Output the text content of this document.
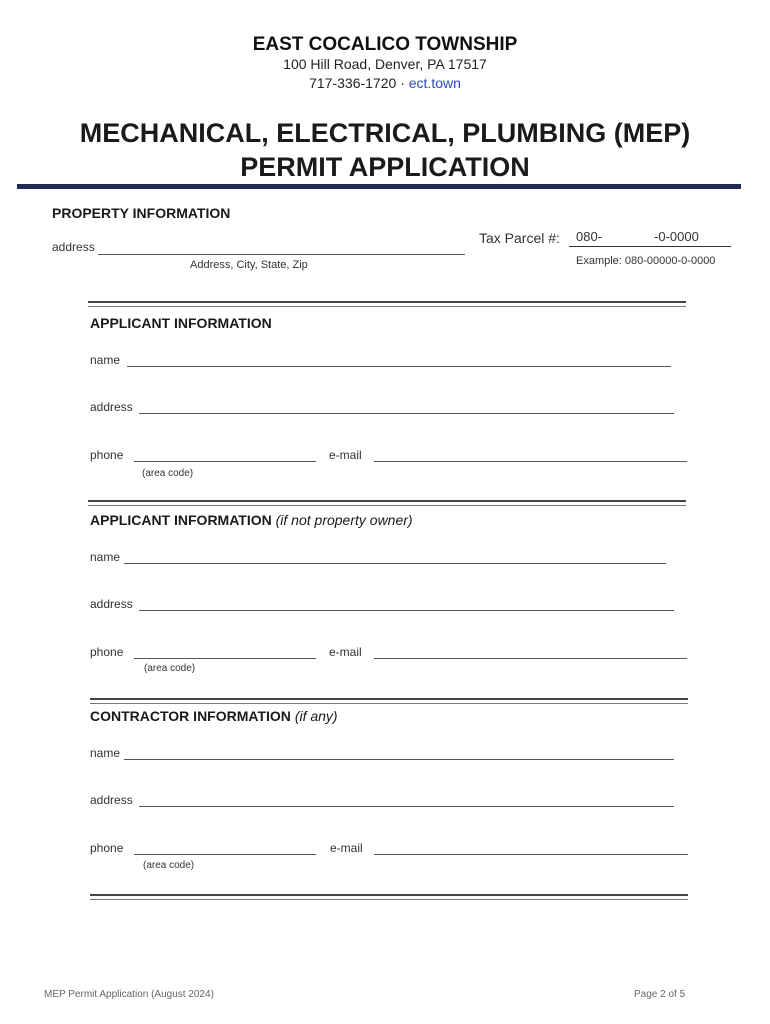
EAST COCALICO TOWNSHIP
100 Hill Road, Denver, PA 17517
717-336-1720 · ect.town
MECHANICAL, ELECTRICAL, PLUMBING (MEP)
PERMIT APPLICATION
PROPERTY INFORMATION
address
Address, City, State, Zip
Tax Parcel #: 080-	-0-0000
Example: 080-00000-0-0000
APPLICANT INFORMATION
name
address
phone	e-mail
(area code)
APPLICANT INFORMATION (if not property owner)
name
address
phone	e-mail
(area code)
CONTRACTOR INFORMATION (if any)
name
address
phone	e-mail
(area code)
MEP Permit Application (August 2024)	Page 2 of 5
